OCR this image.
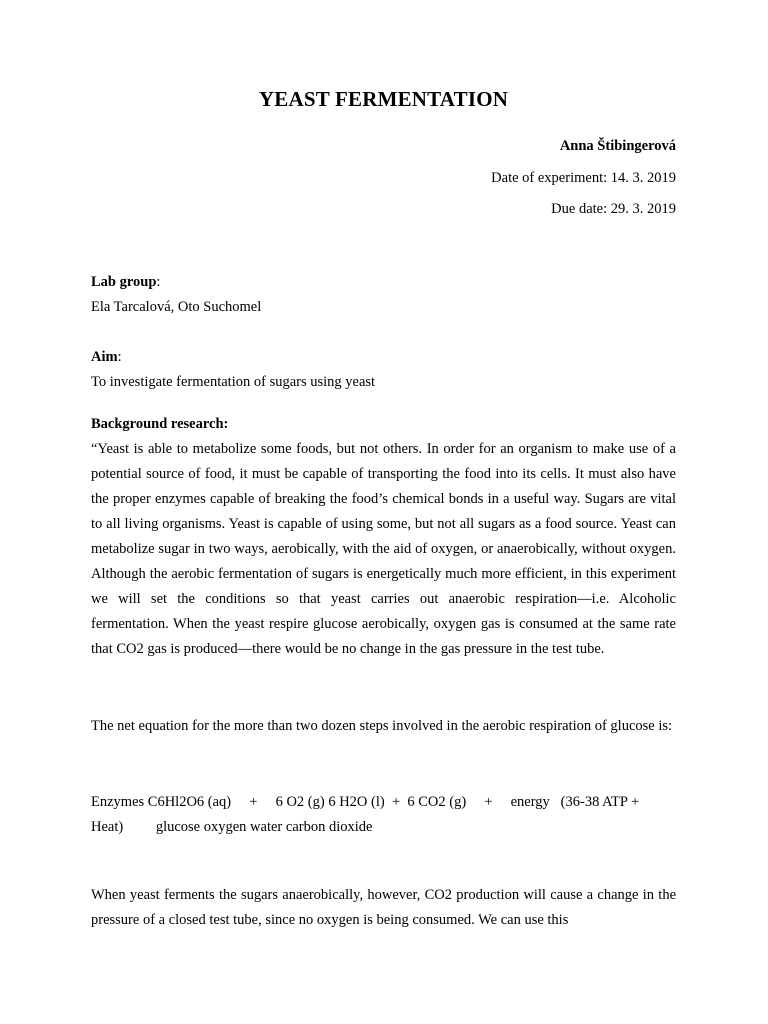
YEAST FERMENTATION
Anna Štibingerová
Date of experiment: 14. 3. 2019
Due date: 29. 3. 2019
Lab group:
Ela Tarcalová, Oto Suchomel
Aim:
To investigate fermentation of sugars using yeast
Background research:
“Yeast is able to metabolize some foods, but not others. In order for an organism to make use of a potential source of food, it must be capable of transporting the food into its cells. It must also have the proper enzymes capable of breaking the food’s chemical bonds in a useful way. Sugars are vital to all living organisms. Yeast is capable of using some, but not all sugars as a food source. Yeast can metabolize sugar in two ways, aerobically, with the aid of oxygen, or anaerobically, without oxygen. Although the aerobic fermentation of sugars is energetically much more efficient, in this experiment we will set the conditions so that yeast carries out anaerobic respiration—i.e. Alcoholic fermentation. When the yeast respire glucose aerobically, oxygen gas is consumed at the same rate that CO2 gas is produced—there would be no change in the gas pressure in the test tube.
The net equation for the more than two dozen steps involved in the aerobic respiration of glucose is:
Enzymes C6Hl2O6 (aq)     +     6 O2 (g) 6 H2O (l)  +  6 CO2 (g)     +     energy   (36-38 ATP +
Heat)         glucose oxygen water carbon dioxide
When yeast ferments the sugars anaerobically, however, CO2 production will cause a change in the pressure of a closed test tube, since no oxygen is being consumed. We can use this
